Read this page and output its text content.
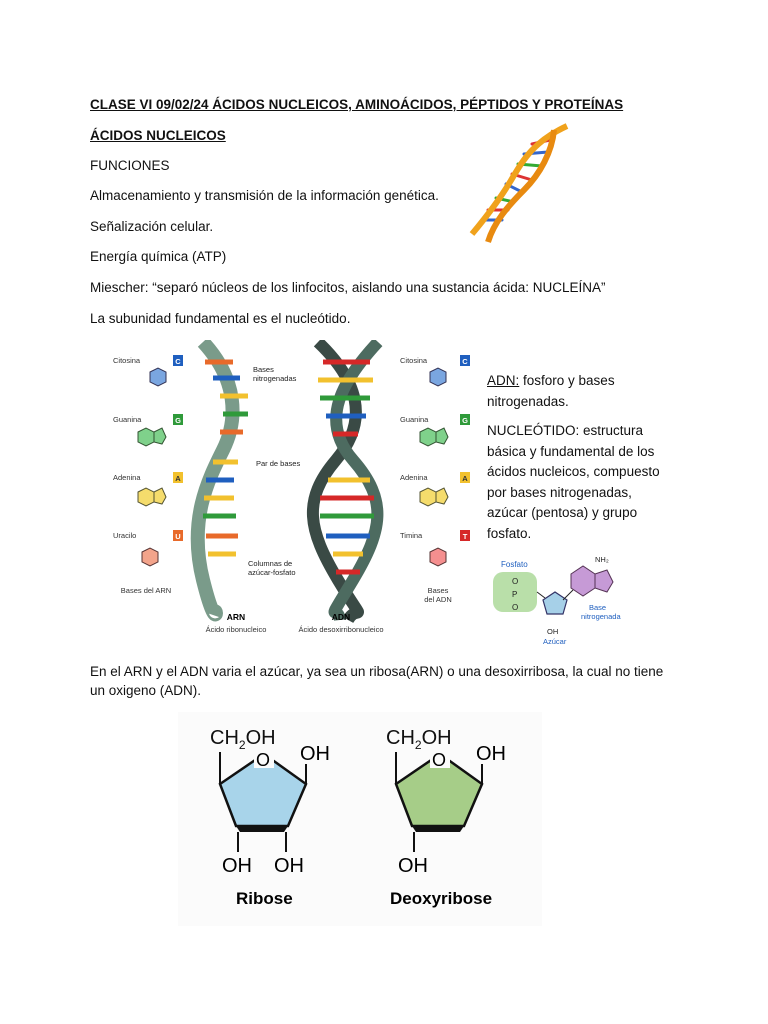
CLASE VI 09/02/24 ÁCIDOS NUCLEICOS, AMINOÁCIDOS, PÉPTIDOS Y PROTEÍNAS
ÁCIDOS NUCLEICOS
FUNCIONES
Almacenamiento y transmisión de la información genética.
Señalización celular.
Energía química (ATP)
Miescher: “separó núcleos de los linfocitos, aislando una sustancia ácida: NUCLEÍNA”
La subunidad fundamental es el nucleótido.
Citosina
Guanina
Adenina
Uracilo
C
G
A
U
Bases del ARN
Bases nitrogenadas
Par de bases
Columnas de azúcar-fosfato
ARN
Ácido ribonucleico
ADN
Ácido desoxirribonucleico
Citosina
Guanina
Adenina
Timina
C
G
A
T
Bases del ADN
ADN: fosforo y bases nitrogenadas.
NUCLEÓTIDO: estructura básica y fundamental de los ácidos nucleicos, compuesto por bases nitrogenadas, azúcar (pentosa) y grupo fosfato.
Fosfato
O
P
O
NH₂
Base nitrogenada
OH
Azúcar
En el ARN y el ADN varia el azúcar, ya sea un ribosa(ARN) o una desoxirribosa, la cual no tiene un oxigeno (ADN).
$CH_2OH$
O OH
OH OH
Ribose
$CH_2OH$
O OH
OH
Deoxyribose
